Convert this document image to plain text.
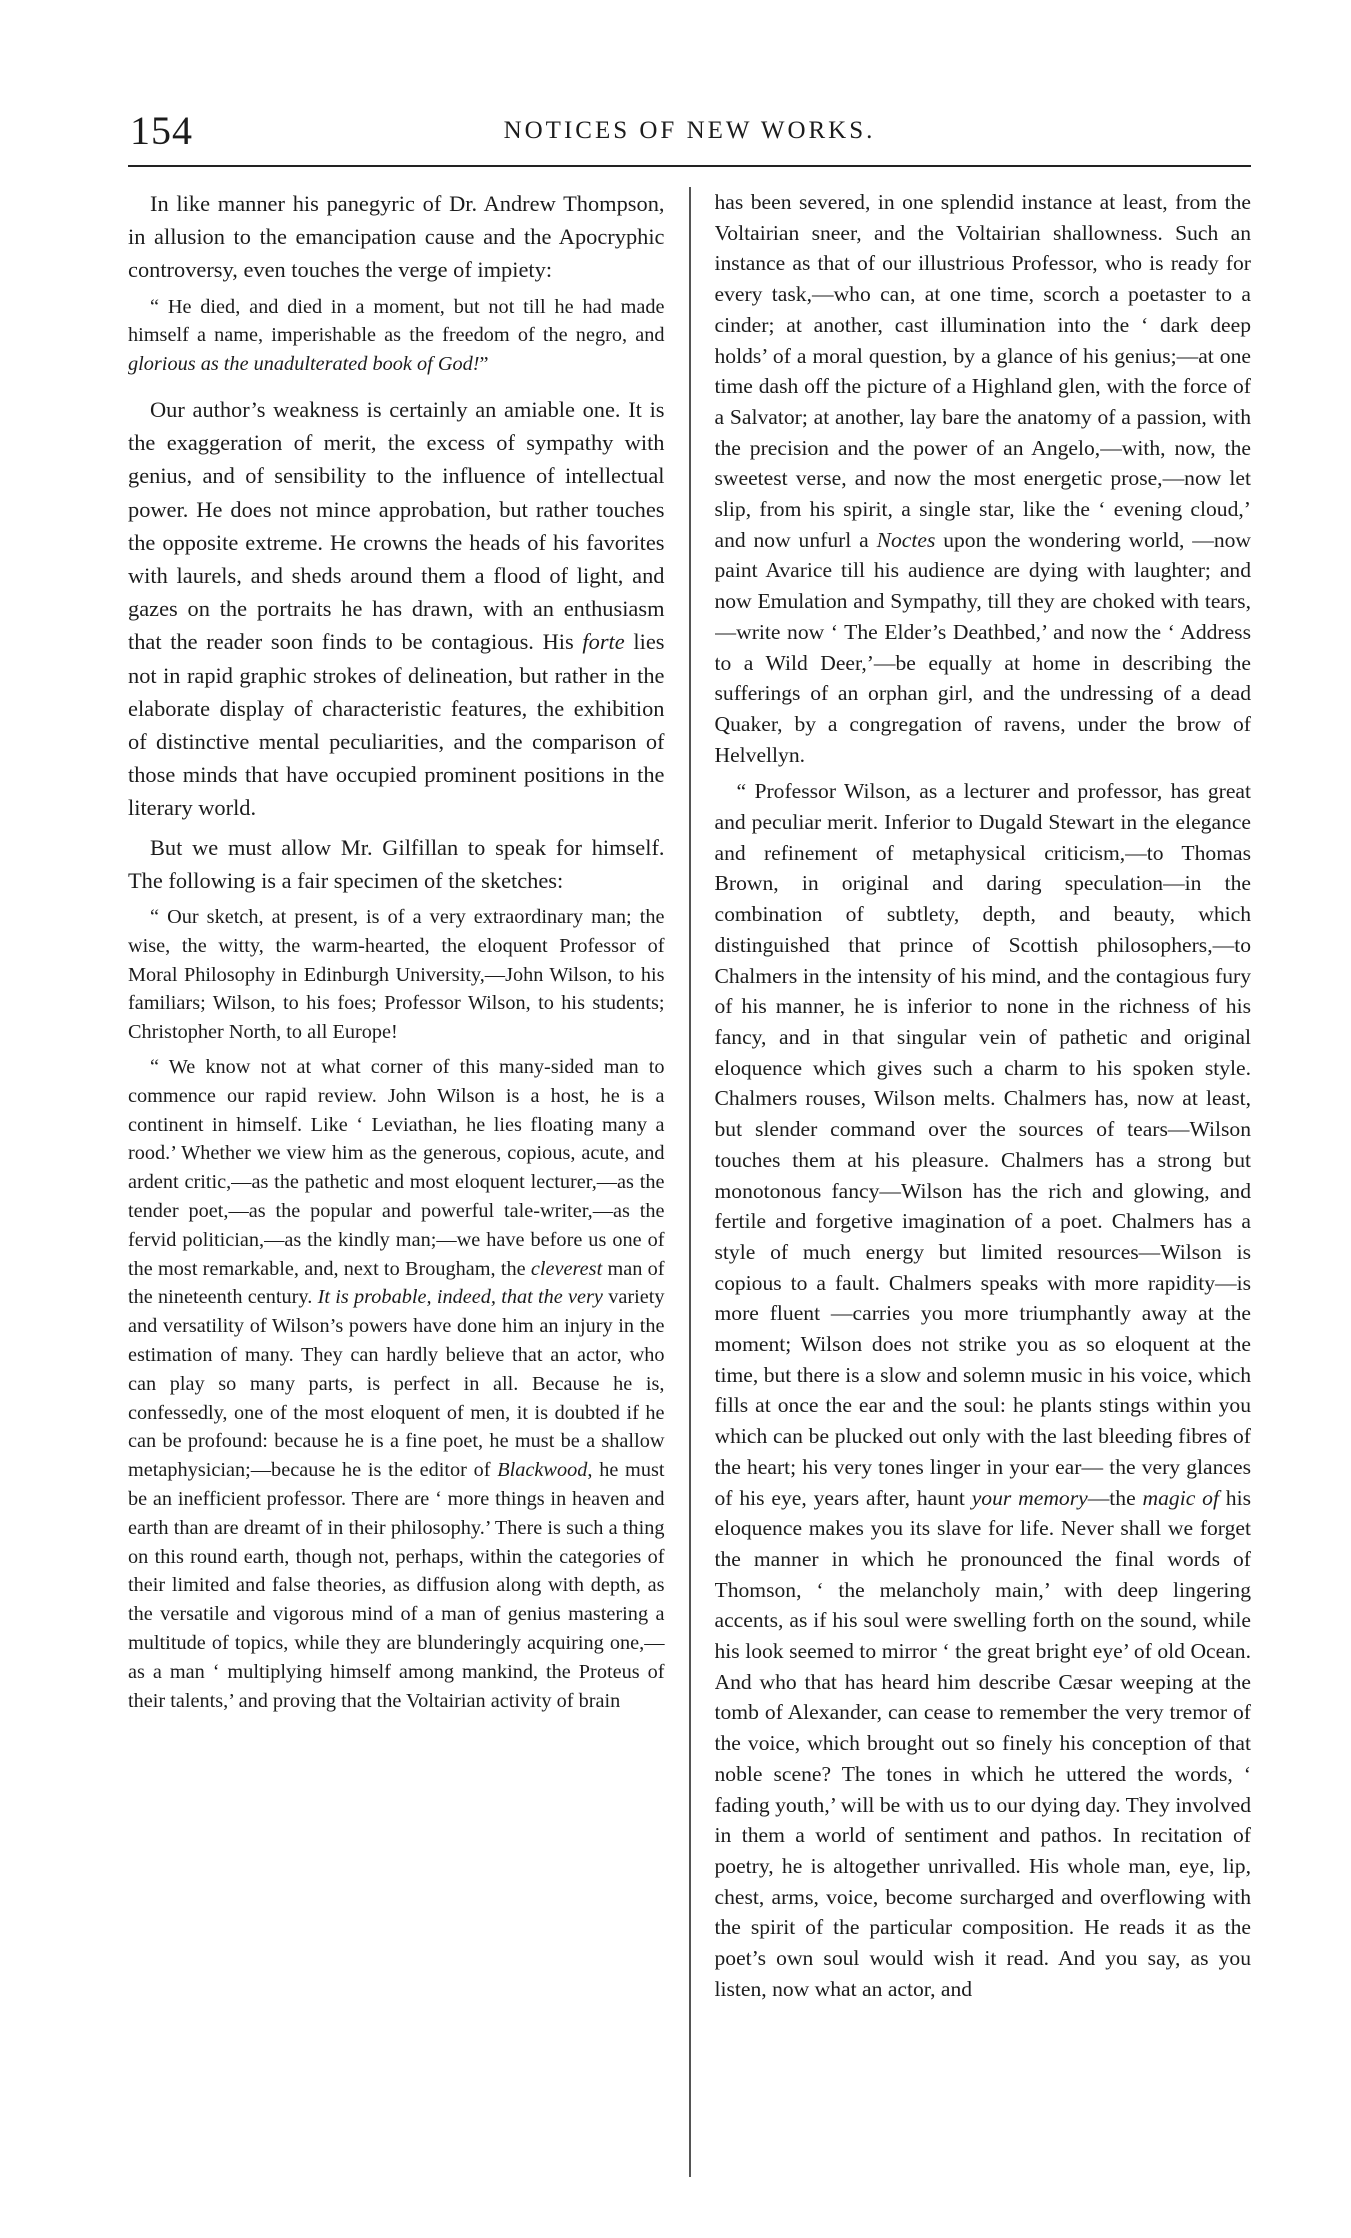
154	NOTICES OF NEW WORKS.

In like manner his panegyric of Dr. Andrew Thompson, in allusion to the emancipation cause and the Apocryphic controversy, even touches the verge of impiety:

“ He died, and died in a moment, but not till he had made himself a name, imperishable as the freedom of the negro, and glorious as the unadulterated book of God!”

Our author’s weakness is certainly an amiable one. It is the exaggeration of merit, the excess of sympathy with genius, and of sensibility to the influence of intellectual power. He does not mince approbation, but rather touches the opposite extreme. He crowns the heads of his favorites with laurels, and sheds around them a flood of light, and gazes on the portraits he has drawn, with an enthusiasm that the reader soon finds to be contagious. His forte lies not in rapid graphic strokes of delineation, but rather in the elaborate display of characteristic features, the exhibition of distinctive mental peculiarities, and the comparison of those minds that have occupied prominent positions in the literary world.

But we must allow Mr. Gilfillan to speak for himself. The following is a fair specimen of the sketches:

“ Our sketch, at present, is of a very extraordinary man; the wise, the witty, the warm-hearted, the eloquent Professor of Moral Philosophy in Edinburgh University,—John Wilson, to his familiars; Wilson, to his foes; Professor Wilson, to his students; Christopher North, to all Europe!

“ We know not at what corner of this many-sided man to commence our rapid review. John Wilson is a host, he is a continent in himself. Like ‘ Leviathan, he lies floating many a rood.’ Whether we view him as the generous, copious, acute, and ardent critic,—as the pathetic and most eloquent lecturer,—as the tender poet,—as the popular and powerful tale-writer,—as the fervid politician,—as the kindly man;—we have before us one of the most remarkable, and, next to Brougham, the cleverest man of the nineteenth century. It is probable, indeed, that the very variety and versatility of Wilson’s powers have done him an injury in the estimation of many. They can hardly believe that an actor, who can play so many parts, is perfect in all. Because he is, confessedly, one of the most eloquent of men, it is doubted if he can be profound: because he is a fine poet, he must be a shallow metaphysician;—because he is the editor of Blackwood, he must be an inefficient professor. There are ‘ more things in heaven and earth than are dreamt of in their philosophy.’ There is such a thing on this round earth, though not, perhaps, within the categories of their limited and false theories, as diffusion along with depth, as the versatile and vigorous mind of a man of genius mastering a multitude of topics, while they are blunderingly acquiring one,—as a man ‘ multiplying himself among mankind, the Proteus of their talents,’ and proving that the Voltairian activity of brain

has been severed, in one splendid instance at least, from the Voltairian sneer, and the Voltairian shallowness. Such an instance as that of our illustrious Professor, who is ready for every task,—who can, at one time, scorch a poetaster to a cinder; at another, cast illumination into the ‘ dark deep holds’ of a moral question, by a glance of his genius;—at one time dash off the picture of a Highland glen, with the force of a Salvator; at another, lay bare the anatomy of a passion, with the precision and the power of an Angelo,—with, now, the sweetest verse, and now the most energetic prose,—now let slip, from his spirit, a single star, like the ‘ evening cloud,’ and now unfurl a Noctes upon the wondering world, —now paint Avarice till his audience are dying with laughter; and now Emulation and Sympathy, till they are choked with tears,—write now ‘ The Elder’s Deathbed,’ and now the ‘ Address to a Wild Deer,’—be equally at home in describing the sufferings of an orphan girl, and the undressing of a dead Quaker, by a congregation of ravens, under the brow of Helvellyn.

“ Professor Wilson, as a lecturer and professor, has great and peculiar merit. Inferior to Dugald Stewart in the elegance and refinement of metaphysical criticism,—to Thomas Brown, in original and daring speculation—in the combination of subtlety, depth, and beauty, which distinguished that prince of Scottish philosophers,—to Chalmers in the intensity of his mind, and the contagious fury of his manner, he is inferior to none in the richness of his fancy, and in that singular vein of pathetic and original eloquence which gives such a charm to his spoken style. Chalmers rouses, Wilson melts. Chalmers has, now at least, but slender command over the sources of tears—Wilson touches them at his pleasure. Chalmers has a strong but monotonous fancy—Wilson has the rich and glowing, and fertile and forgetive imagination of a poet. Chalmers has a style of much energy but limited resources—Wilson is copious to a fault. Chalmers speaks with more rapidity—is more fluent —carries you more triumphantly away at the moment; Wilson does not strike you as so eloquent at the time, but there is a slow and solemn music in his voice, which fills at once the ear and the soul: he plants stings within you which can be plucked out only with the last bleeding fibres of the heart; his very tones linger in your ear— the very glances of his eye, years after, haunt your memory—the magic of his eloquence makes you its slave for life. Never shall we forget the manner in which he pronounced the final words of Thomson, ‘ the melancholy main,’ with deep lingering accents, as if his soul were swelling forth on the sound, while his look seemed to mirror ‘ the great bright eye’ of old Ocean. And who that has heard him describe Cæsar weeping at the tomb of Alexander, can cease to remember the very tremor of the voice, which brought out so finely his conception of that noble scene? The tones in which he uttered the words, ‘ fading youth,’ will be with us to our dying day. They involved in them a world of sentiment and pathos. In recitation of poetry, he is altogether unrivalled. His whole man, eye, lip, chest, arms, voice, become surcharged and overflowing with the spirit of the particular composition. He reads it as the poet’s own soul would wish it read. And you say, as you listen, now what an actor, and
